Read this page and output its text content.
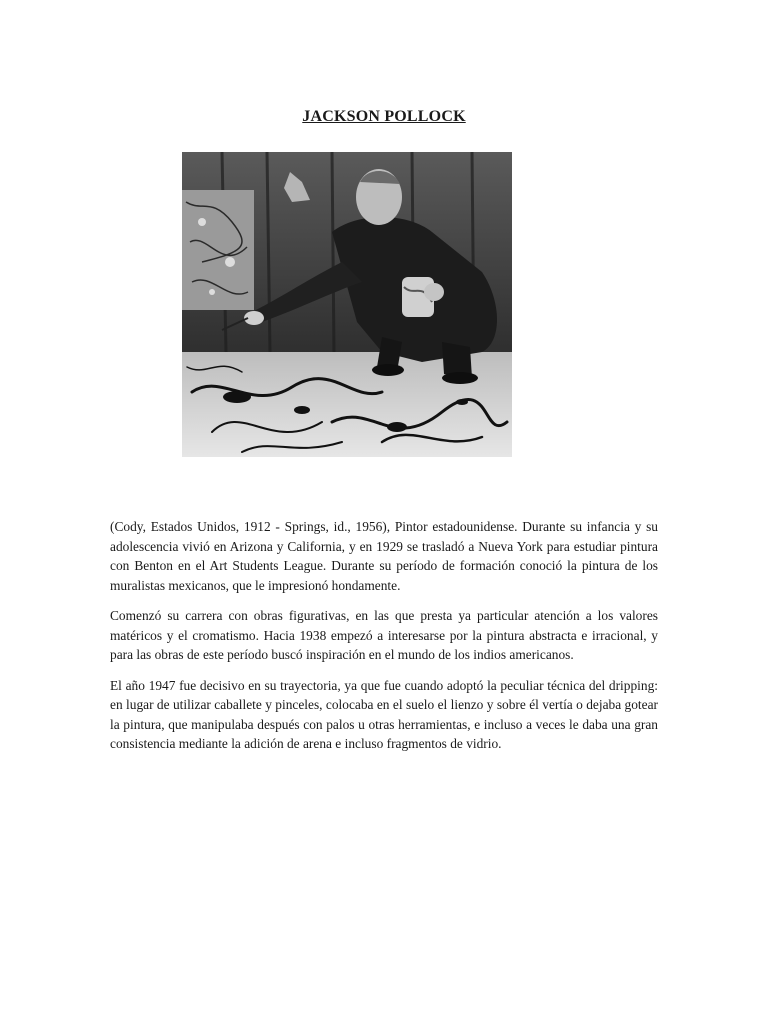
JACKSON POLLOCK

(Cody, Estados Unidos, 1912 - Springs, id., 1956), Pintor estadounidense. Durante su infancia y su adolescencia vivió en Arizona y California, y en 1929 se trasladó a Nueva York para estudiar pintura con Benton en el Art Students League. Durante su período de formación conoció la pintura de los muralistas mexicanos, que le impresionó hondamente.

Comenzó su carrera con obras figurativas, en las que presta ya particular atención a los valores matéricos y el cromatismo. Hacia 1938 empezó a interesarse por la pintura abstracta e irracional, y para las obras de este período buscó inspiración en el mundo de los indios americanos.

El año 1947 fue decisivo en su trayectoria, ya que fue cuando adoptó la peculiar técnica del dripping: en lugar de utilizar caballete y pinceles, colocaba en el suelo el lienzo y sobre él vertía o dejaba gotear la pintura, que manipulaba después con palos u otras herramientas, e incluso a veces le daba una gran consistencia mediante la adición de arena e incluso fragmentos de vidrio.
